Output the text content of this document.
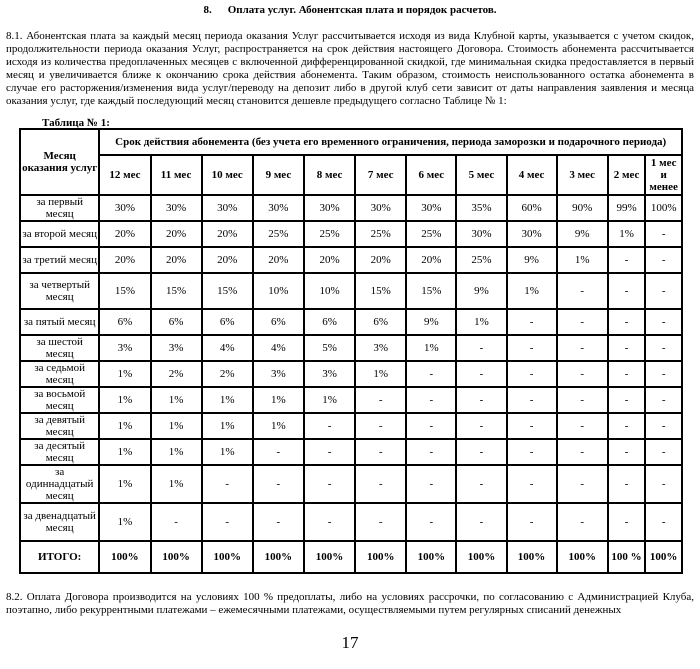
8. Оплата услуг. Абонентская плата и порядок расчетов.

8.1. Абонентская плата за каждый месяц периода оказания Услуг рассчитывается исходя из вида Клубной карты, указывается с учетом скидок, продолжительности периода оказания Услуг, распространяется на срок действия настоящего Договора. Стоимость абонемента рассчитывается исходя из количества предоплаченных месяцев с включенной дифференцированной скидкой, где минимальная скидка предоставляется в первый месяц и увеличивается ближе к окончанию срока действия абонемента. Таким образом, стоимость неиспользованного остатка абонемента в случае его расторжения/изменения вида услуг/переводу на депозит либо в другой клуб сети зависит от даты направления заявления и месяца оказания услуг, где каждый последующий месяц становится дешевле предыдущего согласно Таблице № 1:

Таблица № 1:
Месяц оказания услуг	Срок действия абонемента (без учета его временного ограничения, периода заморозки и подарочного периода)											
	12 мес	11 мес	10 мес	9 мес	8 мес	7 мес	6 мес	5 мес	4 мес	3 мес	2 мес	1 мес и менее
за первый месяц	30%	30%	30%	30%	30%	30%	30%	35%	60%	90%	99%	100%
за второй месяц	20%	20%	20%	25%	25%	25%	25%	30%	30%	9%	1%	-
за третий месяц	20%	20%	20%	20%	20%	20%	20%	25%	9%	1%	-	-
за четвертый месяц	15%	15%	15%	10%	10%	15%	15%	9%	1%	-	-	-
за пятый месяц	6%	6%	6%	6%	6%	6%	9%	1%	-	-	-	-
за шестой месяц	3%	3%	4%	4%	5%	3%	1%	-	-	-	-	-
за седьмой месяц	1%	2%	2%	3%	3%	1%	-	-	-	-	-	-
за восьмой месяц	1%	1%	1%	1%	1%	-	-	-	-	-	-	-
за девятый месяц	1%	1%	1%	1%	-	-	-	-	-	-	-	-
за десятый месяц	1%	1%	1%	-	-	-	-	-	-	-	-	-
за одиннадцатый месяц	1%	1%	-	-	-	-	-	-	-	-	-	-
за двенадцатый месяц	1%	-	-	-	-	-	-	-	-	-	-	-
ИТОГО:	100%	100%	100%	100%	100%	100%	100%	100%	100%	100%	100 %	100%

8.2. Оплата Договора производится на условиях 100 % предоплаты, либо на условиях рассрочки, по согласованию с Администрацией Клуба, поэтапно, либо рекуррентными платежами – ежемесячными платежами, осуществляемыми путем регулярных списаний денежных

17
